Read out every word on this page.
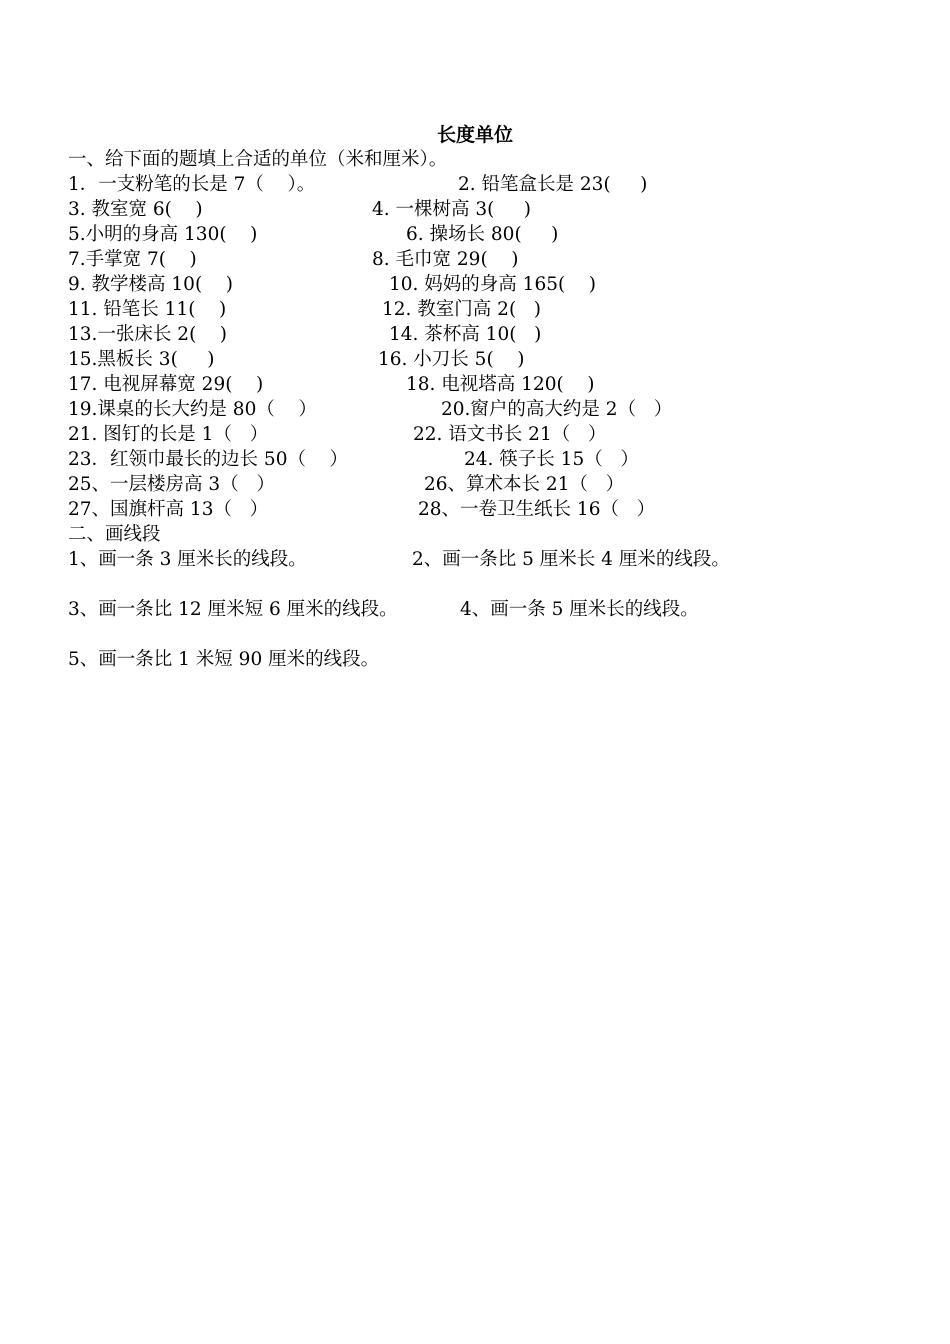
长度单位
一、给下面的题填上合适的单位（米和厘米）。
1．一支粉笔的长是 7（    ）。	2. 铅笔盒长是 23(     )
3. 教室宽 6(    )	4. 一棵树高 3(     )
5.小明的身高 130(    )	6. 操场长 80(     )
7.手掌宽 7(    )	8. 毛巾宽 29(    )
9. 教学楼高 10(    )	10. 妈妈的身高 165(    )
11. 铅笔长 11(    )	12. 教室门高 2(   )
13.一张床长 2(    )	14. 茶杯高 10(   )
15.黑板长 3(     )	16. 小刀长 5(    )
17. 电视屏幕宽 29(    )	18. 电视塔高 120(    )
19.课桌的长大约是 80（    ）	20.窗户的高大约是 2（   ）
21. 图钉的长是 1（   ）	22. 语文书长 21（   ）
23．红领巾最长的边长 50（    ）	24. 筷子长 15（   ）
25、一层楼房高 3（   ）	26、算术本长 21（   ）
27、国旗杆高 13（   ）	28、一卷卫生纸长 16（   ）
二、画线段
1、画一条 3 厘米长的线段。	2、画一条比 5 厘米长 4 厘米的线段。
3、画一条比 12 厘米短 6 厘米的线段。	4、画一条 5 厘米长的线段。
5、画一条比 1 米短 90 厘米的线段。
